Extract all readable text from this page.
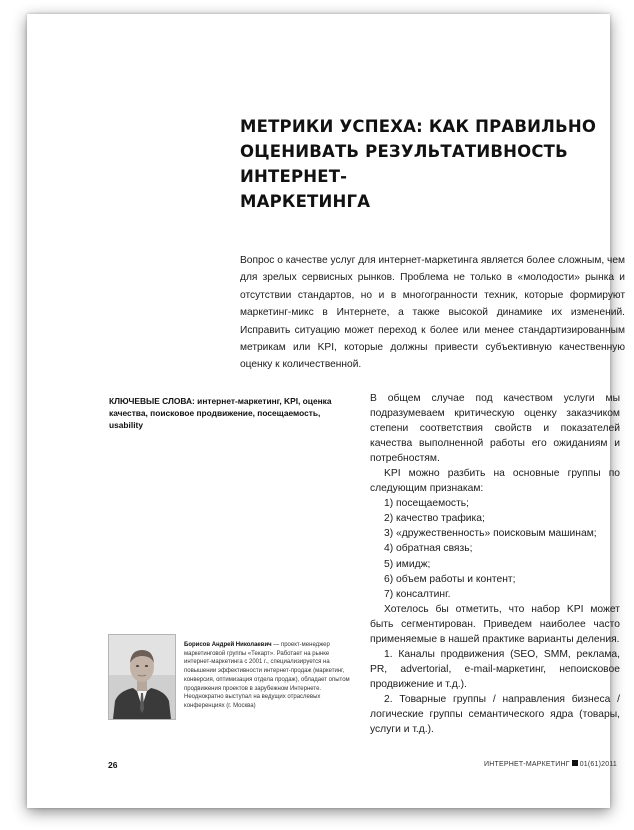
МЕТРИКИ УСПЕХА: КАК ПРАВИЛЬНО
ОЦЕНИВАТЬ РЕЗУЛЬТАТИВНОСТЬ ИНТЕРНЕТ-
МАРКЕТИНГА

Вопрос о качестве услуг для интернет-маркетинга является более сложным, чем для зрелых сервисных рынков. Проблема не только в «молодости» рынка и отсутствии стандартов, но и в многогранности техник, которые формируют маркетинг-микс в Интернете, а также высокой динамике их изменений. Исправить ситуацию может переход к более или менее стандартизированным метрикам или KPI, которые должны привести субъективную качественную оценку к количественной.

КЛЮЧЕВЫЕ СЛОВА: интернет-маркетинг, KPI, оценка качества, поисковое продвижение, посещаемость, usability

В общем случае под качеством услуги мы подразумеваем критическую оценку заказчиком степени соответствия свойств и показателей качества выполненной работы его ожиданиям и потребностям.

KPI можно разбить на основные группы по следующим признакам:

1) посещаемость;
2) качество трафика;
3) «дружественность» поисковым машинам;
4) обратная связь;
5) имидж;
6) объем работы и контент;
7) консалтинг.

Хотелось бы отметить, что набор KPI может быть сегментирован. Приведем наиболее часто применяемые в нашей практике варианты деления.

1. Каналы продвижения (SEO, SMM, реклама, PR, advertorial, e-mail-маркетинг, непоисковое продвижение и т.д.).

2. Товарные группы / направления бизнеса / логические группы семантического ядра (товары, услуги и т.д.).

Борисов Андрей Николаевич — проект-менеджер маркетинговой группы «Текарт». Работает на рынке интернет-маркетинга с 2001 г., специализируется на повышении эффективности интернет-продаж (маркетинг, конверсия, оптимизация отдела продаж), обладает опытом продвижения проектов в зарубежном Интернете. Неоднократно выступал на ведущих отраслевых конференциях (г. Москва)

26	ИНТЕРНЕТ-МАРКЕТИНГ 01(61)2011
